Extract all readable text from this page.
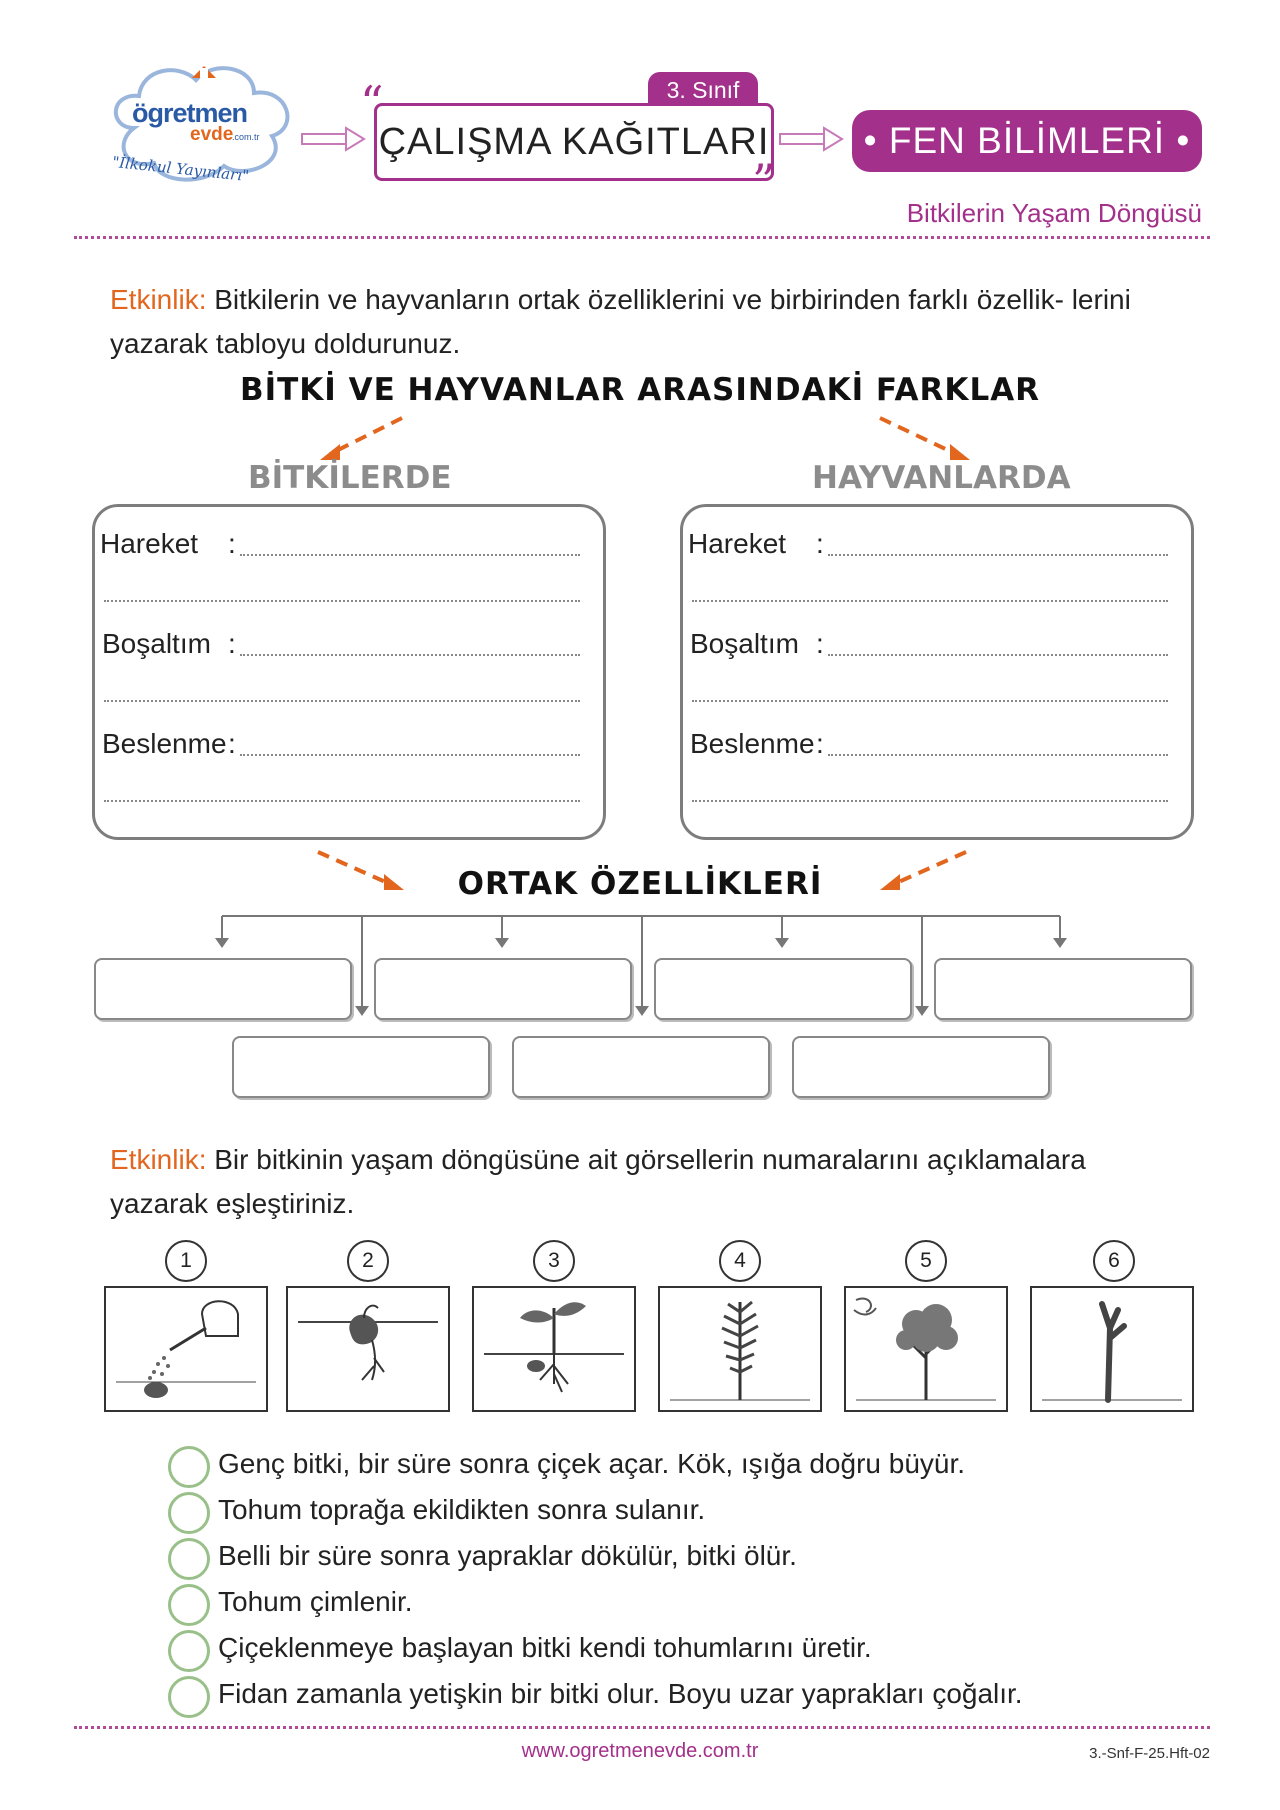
ögretmen
evde
.com.tr
"İlkokul Yayınları"
“	3. Sınıf
ÇALIŞMA KAĞITLARI
”
• FEN BİLİMLERİ •
Bitkilerin Yaşam Döngüsü
Etkinlik: Bitkilerin ve hayvanların ortak özelliklerini ve birbirinden farklı özellik- lerini yazarak tabloyu doldurunuz.
BİTKİ VE HAYVANLAR ARASINDAKİ FARKLAR
BİTKİLERDE	HAYVANLARDA
Hareket :
Boşaltım :
Beslenme :
Hareket :
Boşaltım :
Beslenme :
ORTAK ÖZELLİKLERİ
Etkinlik: Bir bitkinin yaşam döngüsüne ait görsellerin numaralarını açıklamalara yazarak eşleştiriniz.
1	2	3	4	5	6
Genç bitki, bir süre sonra çiçek açar. Kök, ışığa doğru büyür.
Tohum toprağa ekildikten sonra sulanır.
Belli bir süre sonra yapraklar dökülür, bitki ölür.
Tohum çimlenir.
Çiçeklenmeye başlayan bitki kendi tohumlarını üretir.
Fidan zamanla yetişkin bir bitki olur. Boyu uzar yaprakları çoğalır.
www.ogretmenevde.com.tr	3.-Snf-F-25.Hft-02
